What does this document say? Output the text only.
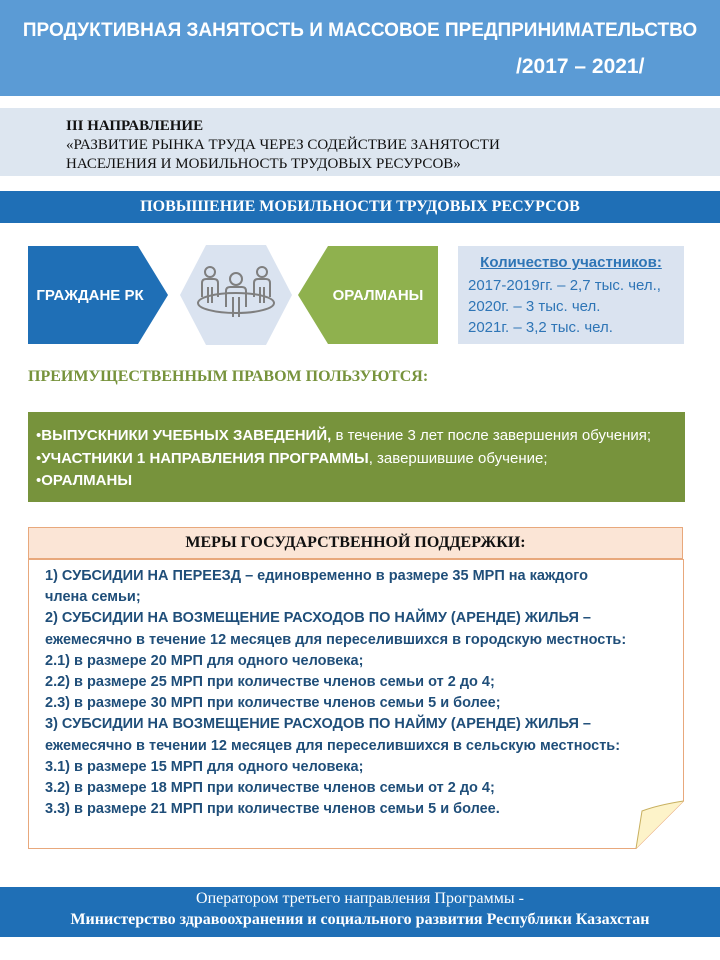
ПРОДУКТИВНАЯ ЗАНЯТОСТЬ И МАССОВОЕ ПРЕДПРИНИМАТЕЛЬСТВО
/2017 – 2021/
III НАПРАВЛЕНИЕ
«РАЗВИТИЕ РЫНКА ТРУДА ЧЕРЕЗ СОДЕЙСТВИЕ ЗАНЯТОСТИ
НАСЕЛЕНИЯ И МОБИЛЬНОСТЬ ТРУДОВЫХ РЕСУРСОВ»
ПОВЫШЕНИЕ МОБИЛЬНОСТИ ТРУДОВЫХ РЕСУРСОВ
ГРАЖДАНЕ РК	ОРАЛМАНЫ
Количество участников:
2017-2019гг. – 2,7 тыс. чел.,
2020г. – 3 тыс. чел.
2021г. – 3,2 тыс. чел.
ПРЕИМУЩЕСТВЕННЫМ ПРАВОМ ПОЛЬЗУЮТСЯ:
•ВЫПУСКНИКИ УЧЕБНЫХ ЗАВЕДЕНИЙ, в течение 3 лет после завершения обучения;
•УЧАСТНИКИ 1 НАПРАВЛЕНИЯ ПРОГРАММЫ, завершившие обучение;
•ОРАЛМАНЫ
МЕРЫ ГОСУДАРСТВЕННОЙ ПОДДЕРЖКИ:
1) СУБСИДИИ НА ПЕРЕЕЗД – единовременно в размере 35 МРП на каждого
члена семьи;
2) СУБСИДИИ НА ВОЗМЕЩЕНИЕ РАСХОДОВ ПО НАЙМУ (АРЕНДЕ) ЖИЛЬЯ –
ежемесячно в течение 12 месяцев для переселившихся в городскую местность:
2.1) в размере 20 МРП для одного человека;
2.2) в размере 25 МРП при количестве членов семьи от 2 до 4;
2.3) в размере 30 МРП при количестве членов семьи 5 и более;
3) СУБСИДИИ НА ВОЗМЕЩЕНИЕ РАСХОДОВ ПО НАЙМУ (АРЕНДЕ) ЖИЛЬЯ –
ежемесячно в течении 12 месяцев для переселившихся в сельскую местность:
3.1) в размере 15 МРП для одного человека;
3.2) в размере 18 МРП при количестве членов семьи от 2 до 4;
3.3) в размере 21 МРП при количестве членов семьи 5 и более.
Оператором третьего направления Программы -
Министерство здравоохранения и социального развития Республики Казахстан
